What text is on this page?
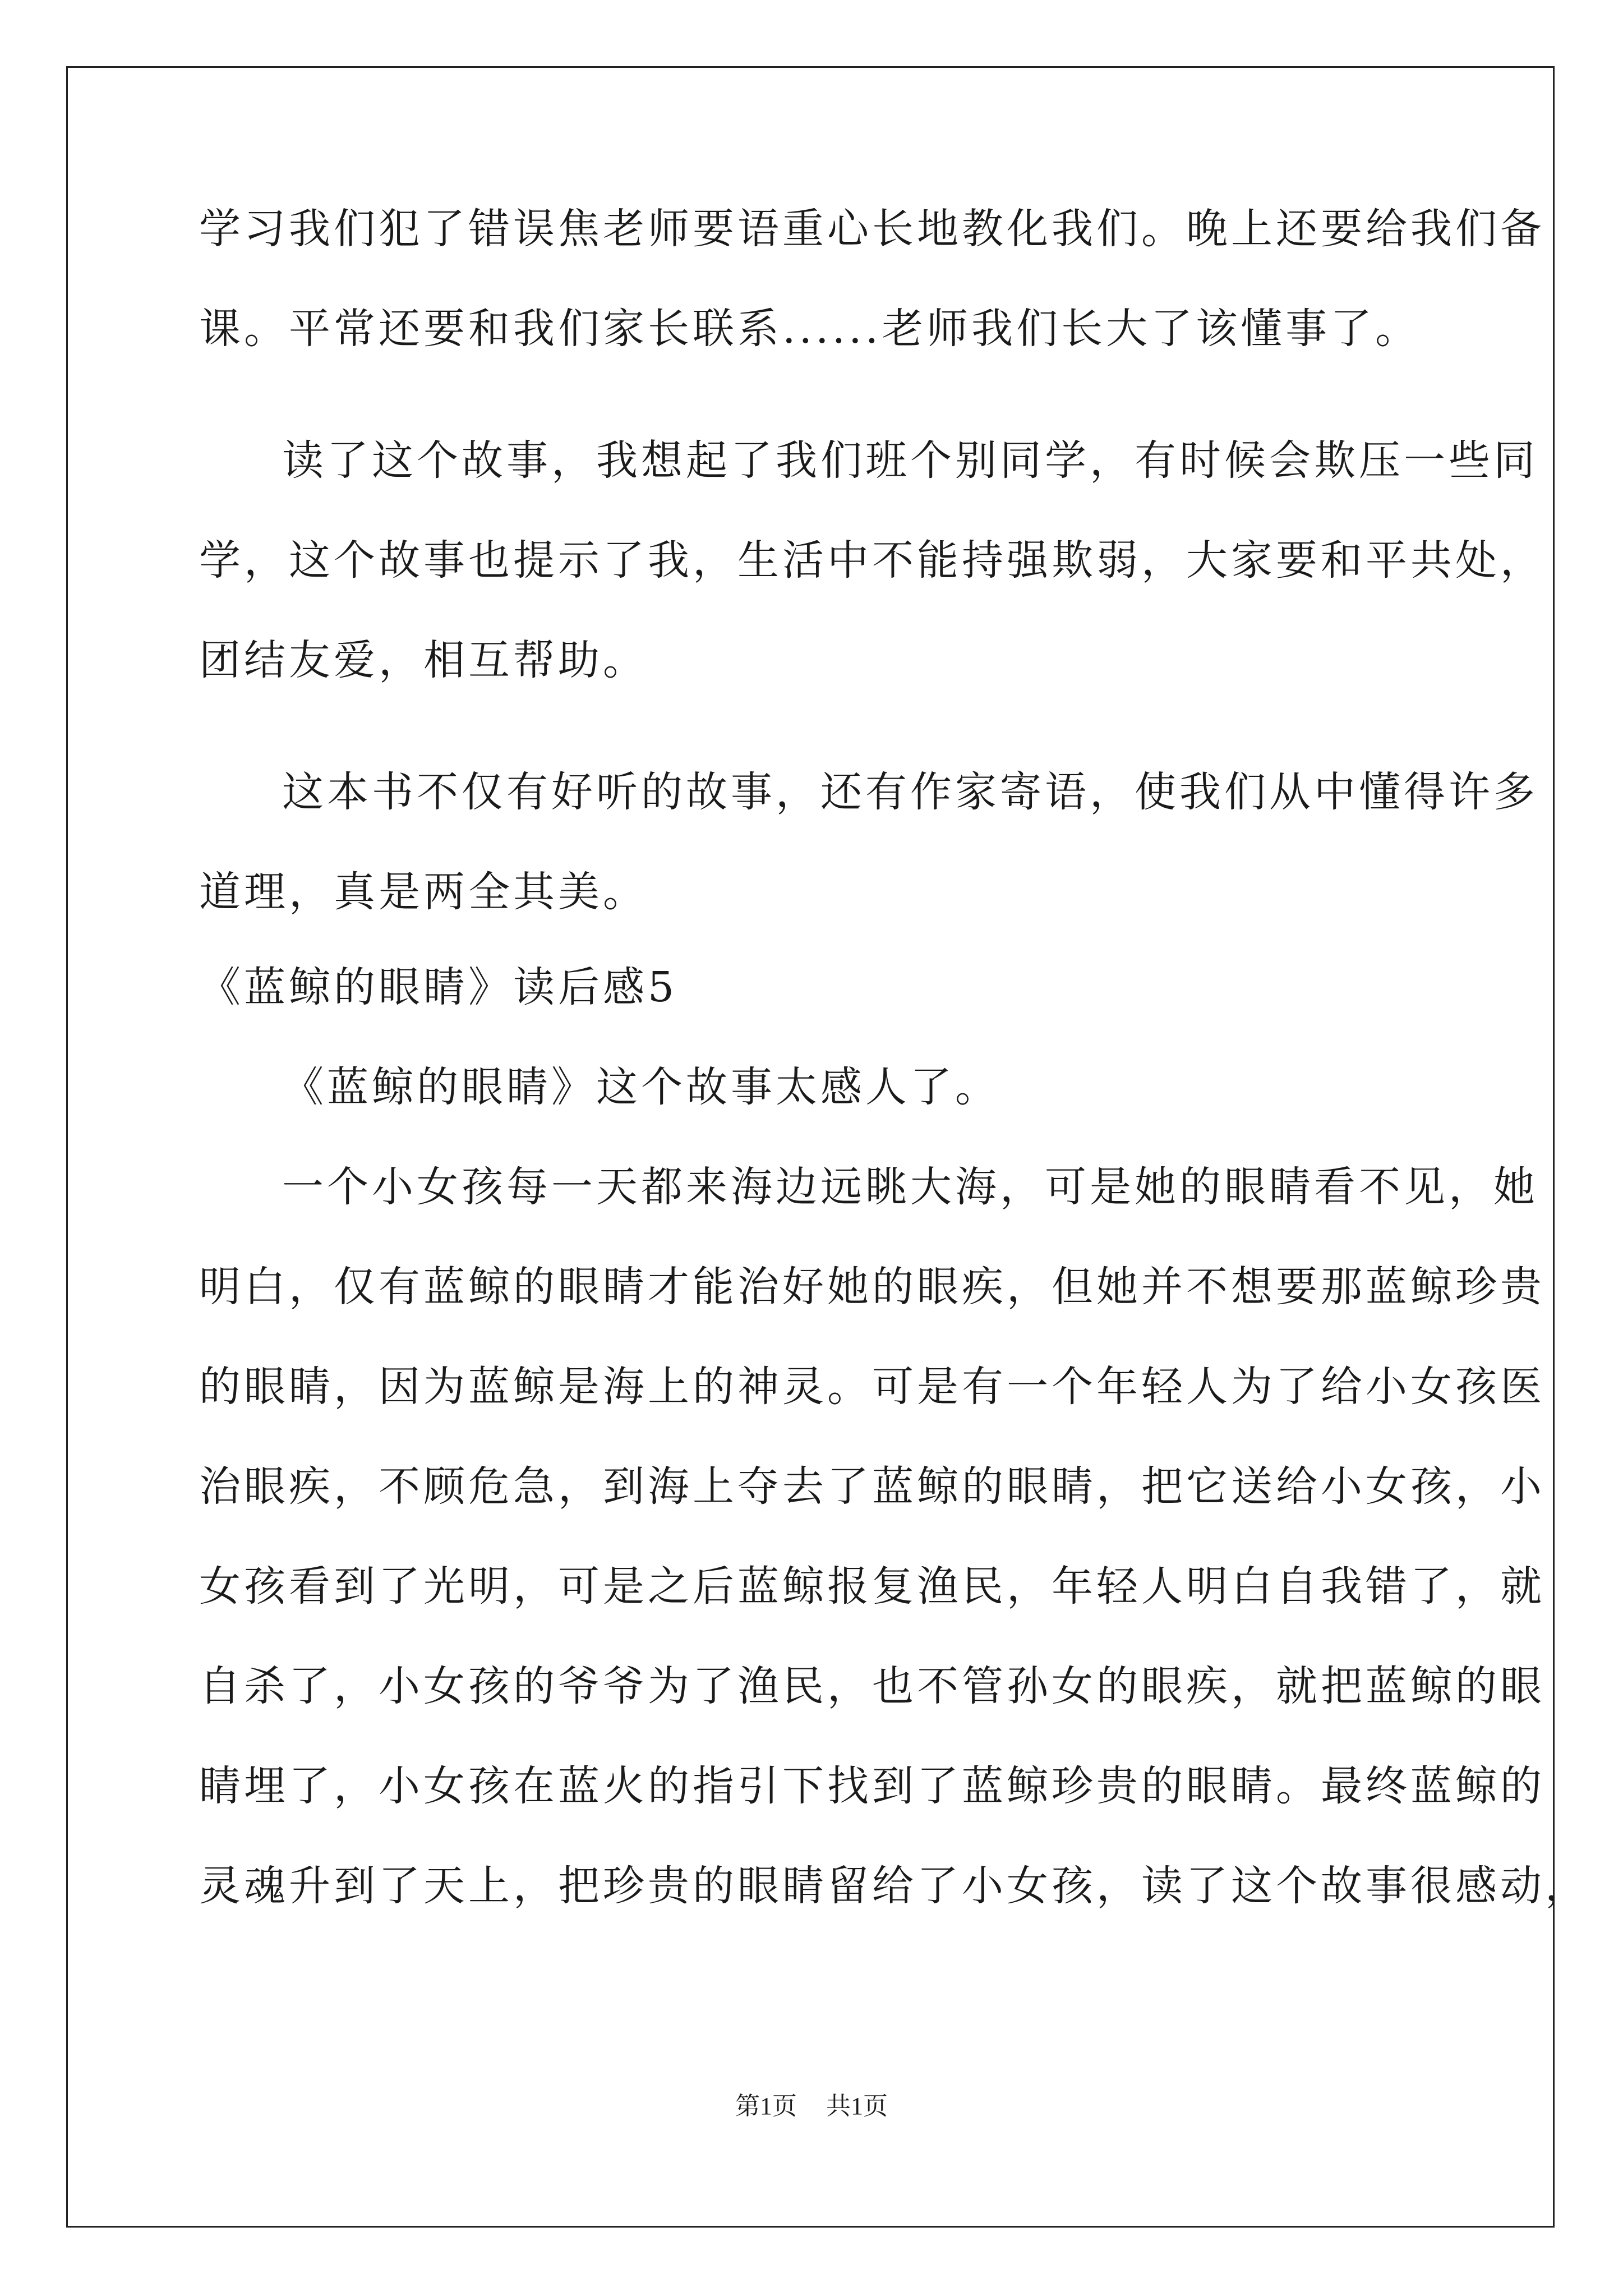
学习我们犯了错误焦老师要语重心长地教化我们。晚上还要给我们备
课。平常还要和我们家长联系......老师我们长大了该懂事了。
读了这个故事，我想起了我们班个别同学，有时候会欺压一些同
学，这个故事也提示了我，生活中不能持强欺弱，大家要和平共处，
团结友爱，相互帮助。
这本书不仅有好听的故事，还有作家寄语，使我们从中懂得许多
道理，真是两全其美。
《蓝鲸的眼睛》读后感5
《蓝鲸的眼睛》这个故事太感人了。
一个小女孩每一天都来海边远眺大海，可是她的眼睛看不见，她
明白，仅有蓝鲸的眼睛才能治好她的眼疾，但她并不想要那蓝鲸珍贵
的眼睛，因为蓝鲸是海上的神灵。可是有一个年轻人为了给小女孩医
治眼疾，不顾危急，到海上夺去了蓝鲸的眼睛，把它送给小女孩，小
女孩看到了光明，可是之后蓝鲸报复渔民，年轻人明白自我错了，就
自杀了，小女孩的爷爷为了渔民，也不管孙女的眼疾，就把蓝鲸的眼
睛埋了，小女孩在蓝火的指引下找到了蓝鲸珍贵的眼睛。最终蓝鲸的
灵魂升到了天上，把珍贵的眼睛留给了小女孩，读了这个故事很感动，
第1页 共1页
